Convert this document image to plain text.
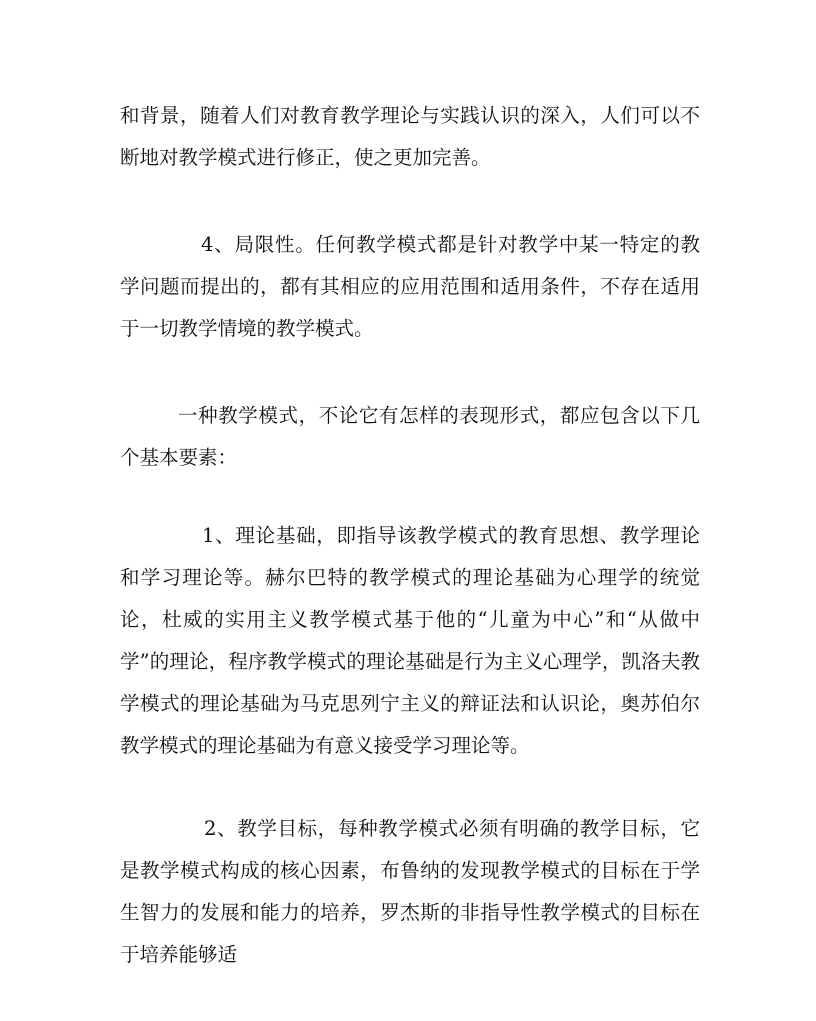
和背景，随着人们对教育教学理论与实践认识的深入，人们可以不断地对教学模式进行修正，使之更加完善。

4、局限性。任何教学模式都是针对教学中某一特定的教学问题而提出的，都有其相应的应用范围和适用条件，不存在适用于一切教学情境的教学模式。

一种教学模式，不论它有怎样的表现形式，都应包含以下几个基本要素：

1、理论基础，即指导该教学模式的教育思想、教学理论和学习理论等。赫尔巴特的教学模式的理论基础为心理学的统觉论，杜威的实用主义教学模式基于他的“儿童为中心”和“从做中学”的理论，程序教学模式的理论基础是行为主义心理学，凯洛夫教学模式的理论基础为马克思列宁主义的辩证法和认识论，奥苏伯尔教学模式的理论基础为有意义接受学习理论等。

2、教学目标，每种教学模式必须有明确的教学目标，它是教学模式构成的核心因素，布鲁纳的发现教学模式的目标在于学生智力的发展和能力的培养，罗杰斯的非指导性教学模式的目标在于培养能够适
